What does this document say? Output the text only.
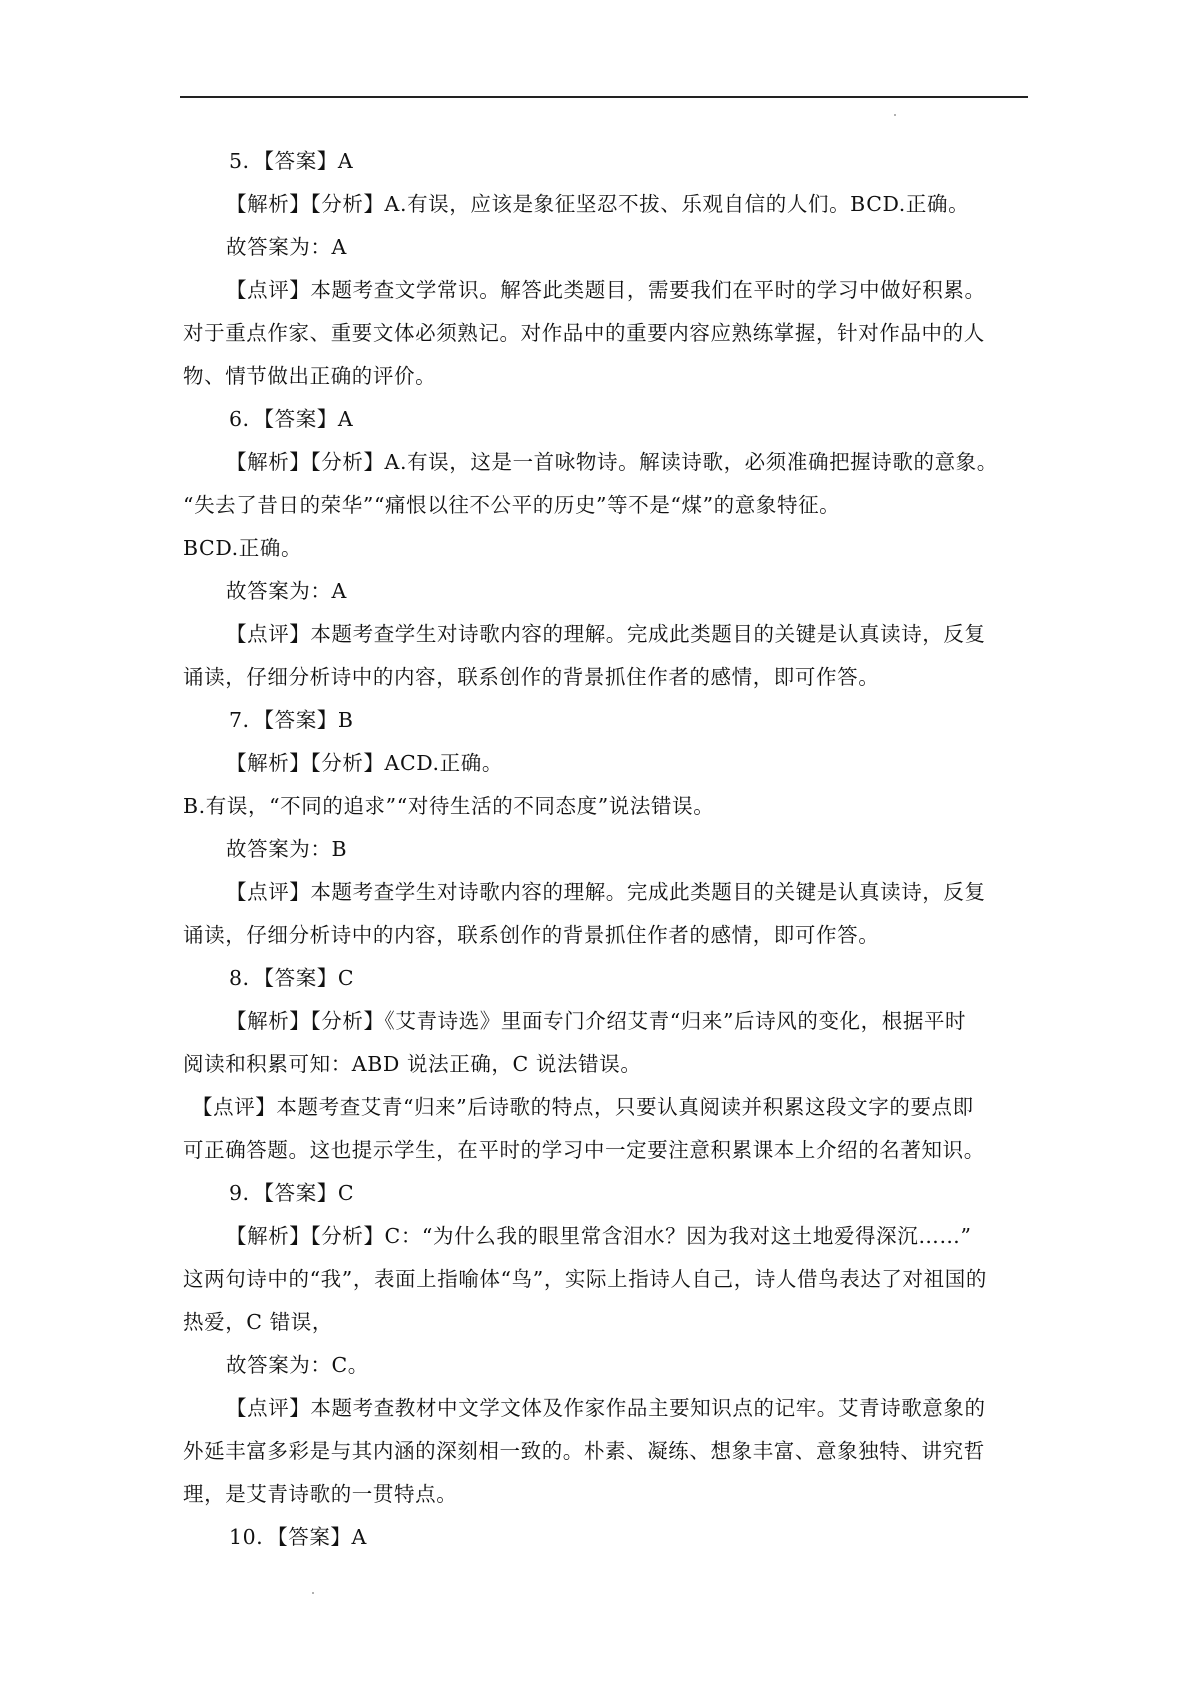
5．【答案】A
【解析】【分析】A.有误，应该是象征坚忍不拔、乐观自信的人们。BCD.正确。
故答案为：A
【点评】本题考查文学常识。解答此类题目，需要我们在平时的学习中做好积累。
对于重点作家、重要文体必须熟记。对作品中的重要内容应熟练掌握，针对作品中的人
物、情节做出正确的评价。
6．【答案】A
【解析】【分析】A.有误，这是一首咏物诗。解读诗歌，必须准确把握诗歌的意象。
“失去了昔日的荣华”“痛恨以往不公平的历史”等不是“煤”的意象特征。
BCD.正确。
故答案为：A
【点评】本题考查学生对诗歌内容的理解。完成此类题目的关键是认真读诗，反复
诵读，仔细分析诗中的内容，联系创作的背景抓住作者的感情，即可作答。
7．【答案】B
【解析】【分析】ACD.正确。
B.有误，“不同的追求”“对待生活的不同态度”说法错误。
故答案为：B
【点评】本题考查学生对诗歌内容的理解。完成此类题目的关键是认真读诗，反复
诵读，仔细分析诗中的内容，联系创作的背景抓住作者的感情，即可作答。
8．【答案】C
【解析】【分析】《艾青诗选》里面专门介绍艾青“归来”后诗风的变化，根据平时
阅读和积累可知：ABD 说法正确，C 说法错误。
【点评】本题考查艾青“归来”后诗歌的特点，只要认真阅读并积累这段文字的要点即
可正确答题。这也提示学生，在平时的学习中一定要注意积累课本上介绍的名著知识。
9．【答案】C
【解析】【分析】C：“为什么我的眼里常含泪水？因为我对这土地爱得深沉……”
这两句诗中的“我”，表面上指喻体“鸟”，实际上指诗人自己，诗人借鸟表达了对祖国的
热爱，C 错误，
故答案为：C。
【点评】本题考查教材中文学文体及作家作品主要知识点的记牢。艾青诗歌意象的
外延丰富多彩是与其内涵的深刻相一致的。朴素、凝练、想象丰富、意象独特、讲究哲
理，是艾青诗歌的一贯特点。
10．【答案】A
